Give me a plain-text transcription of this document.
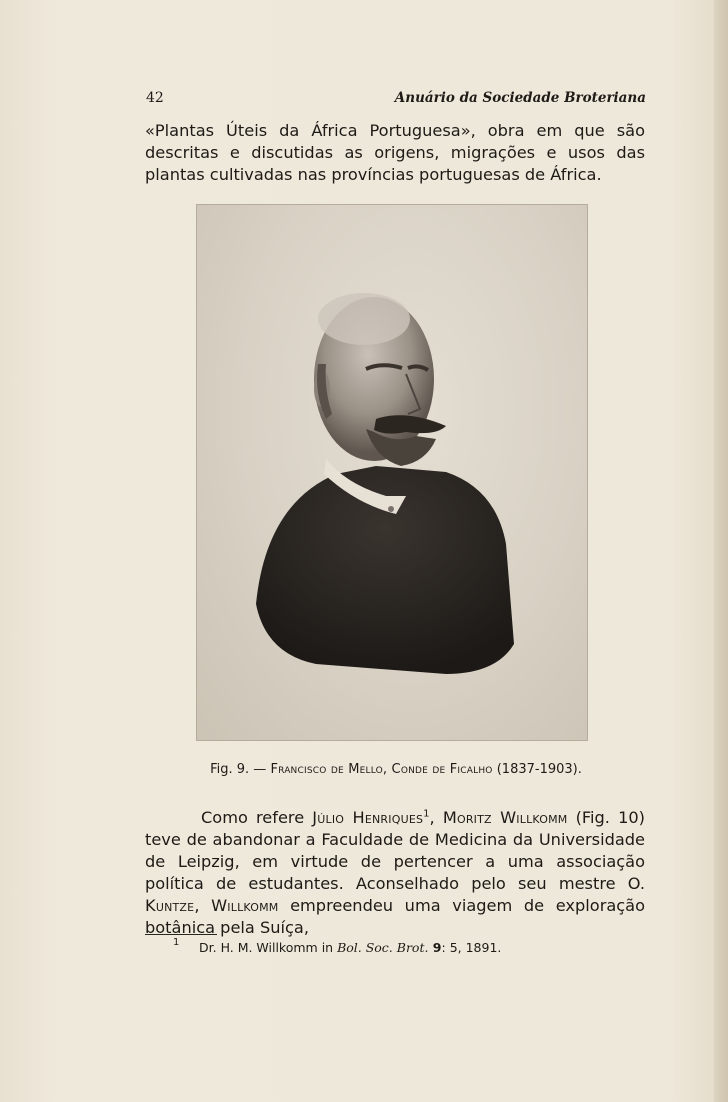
42	Anuário da Sociedade Broteriana

«Plantas Úteis da África Portuguesa», obra em que são descritas e discutidas as origens, migrações e usos das plantas cultivadas nas províncias portuguesas de África.

Fig. 9. — Francisco de Mello, Conde de Ficalho (1837-1903).

Como refere Júlio Henriques$^1$, Moritz Willkomm (Fig. 10) teve de abandonar a Faculdade de Medicina da Universidade de Leipzig, em virtude de pertencer a uma associação política de estudantes. Aconselhado pelo seu mestre O. Kuntze, Willkomm empreendeu uma viagem de exploração botânica pela Suíça,

1 Dr. H. M. Willkomm in Bol. Soc. Brot. 9: 5, 1891.
